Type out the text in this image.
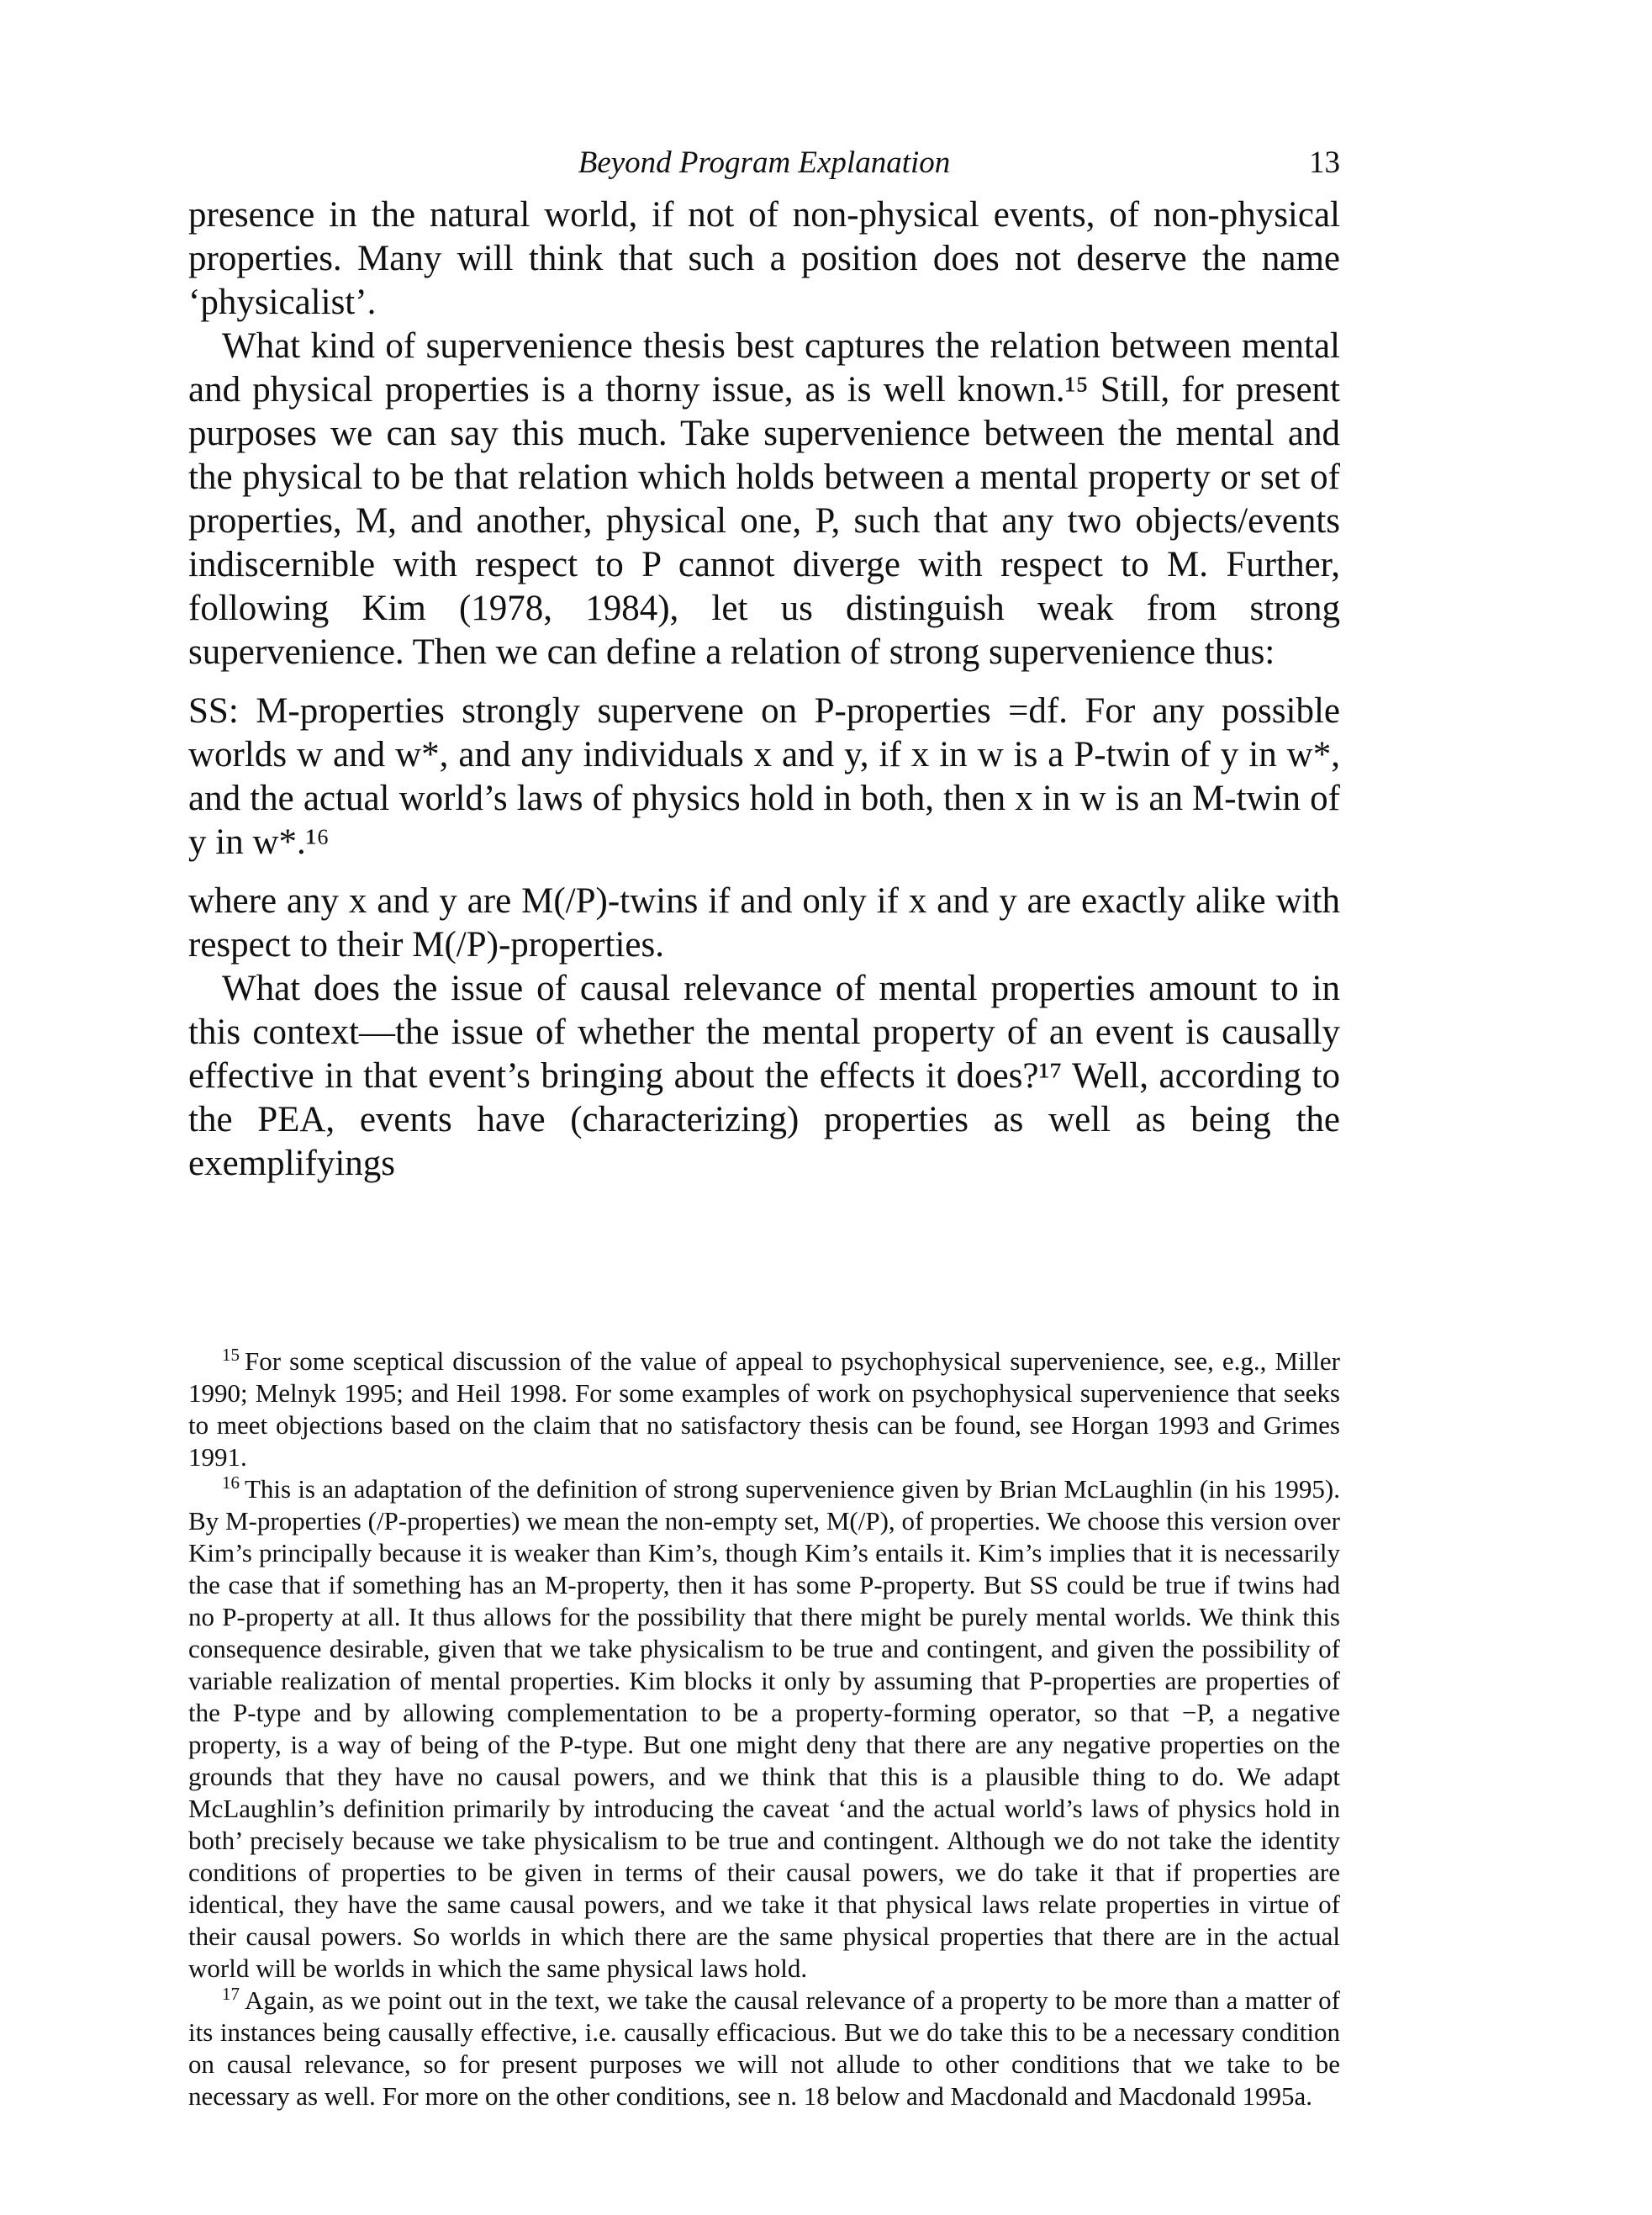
Beyond Program Explanation	13

presence in the natural world, if not of non-physical events, of non-physical properties. Many will think that such a position does not deserve the name ‘physicalist’.

What kind of supervenience thesis best captures the relation between mental and physical properties is a thorny issue, as is well known.¹⁵ Still, for present purposes we can say this much. Take supervenience between the mental and the physical to be that relation which holds between a mental property or set of properties, M, and another, physical one, P, such that any two objects/events indiscernible with respect to P cannot diverge with respect to M. Further, following Kim (1978, 1984), let us distinguish weak from strong supervenience. Then we can define a relation of strong supervenience thus:

SS: M-properties strongly supervene on P-properties =df. For any possible worlds w and w*, and any individuals x and y, if x in w is a P-twin of y in w*, and the actual world’s laws of physics hold in both, then x in w is an M-twin of y in w*.¹⁶

where any x and y are M(/P)-twins if and only if x and y are exactly alike with respect to their M(/P)-properties.

What does the issue of causal relevance of mental properties amount to in this context—the issue of whether the mental property of an event is causally effective in that event’s bringing about the effects it does?¹⁷ Well, according to the PEA, events have (characterizing) properties as well as being the exemplifyings

$^{15}$ For some sceptical discussion of the value of appeal to psychophysical supervenience, see, e.g., Miller 1990; Melnyk 1995; and Heil 1998. For some examples of work on psychophysical supervenience that seeks to meet objections based on the claim that no satisfactory thesis can be found, see Horgan 1993 and Grimes 1991.

$^{16}$ This is an adaptation of the definition of strong supervenience given by Brian McLaughlin (in his 1995). By M-properties (/P-properties) we mean the non-empty set, M(/P), of properties. We choose this version over Kim’s principally because it is weaker than Kim’s, though Kim’s entails it. Kim’s implies that it is necessarily the case that if something has an M-property, then it has some P-property. But SS could be true if twins had no P-property at all. It thus allows for the possibility that there might be purely mental worlds. We think this consequence desirable, given that we take physicalism to be true and contingent, and given the possibility of variable realization of mental properties. Kim blocks it only by assuming that P-properties are properties of the P-type and by allowing complementation to be a property-forming operator, so that −P, a negative property, is a way of being of the P-type. But one might deny that there are any negative properties on the grounds that they have no causal powers, and we think that this is a plausible thing to do. We adapt McLaughlin’s definition primarily by introducing the caveat ‘and the actual world’s laws of physics hold in both’ precisely because we take physicalism to be true and contingent. Although we do not take the identity conditions of properties to be given in terms of their causal powers, we do take it that if properties are identical, they have the same causal powers, and we take it that physical laws relate properties in virtue of their causal powers. So worlds in which there are the same physical properties that there are in the actual world will be worlds in which the same physical laws hold.

$^{17}$ Again, as we point out in the text, we take the causal relevance of a property to be more than a matter of its instances being causally effective, i.e. causally efficacious. But we do take this to be a necessary condition on causal relevance, so for present purposes we will not allude to other conditions that we take to be necessary as well. For more on the other conditions, see n. 18 below and Macdonald and Macdonald 1995a.
